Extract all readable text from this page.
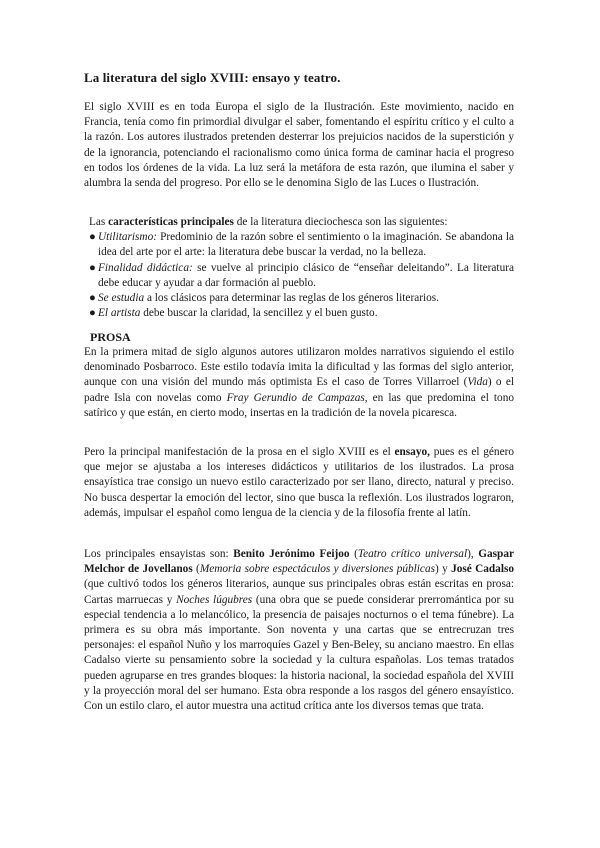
La literatura del siglo XVIII: ensayo y teatro.

El siglo XVIII es en toda Europa el siglo de la Ilustración. Este movimiento, nacido en Francia, tenía como fin primordial divulgar el saber, fomentando el espíritu crítico y el culto a la razón. Los autores ilustrados pretenden desterrar los prejuicios nacidos de la superstición y de la ignorancia, potenciando el racionalismo como única forma de caminar hacia el progreso en todos los órdenes de la vida. La luz será la metáfora de esta razón, que ilumina el saber y alumbra la senda del progreso. Por ello se le denomina Siglo de las Luces o Ilustración.

Las características principales de la literatura dieciochesca son las siguientes:

● Utilitarismo: Predominio de la razón sobre el sentimiento o la imaginación. Se abandona la idea del arte por el arte: la literatura debe buscar la verdad, no la belleza.
● Finalidad didáctica: se vuelve al principio clásico de “enseñar deleitando”. La literatura debe educar y ayudar a dar formación al pueblo.
● Se estudia a los clásicos para determinar las reglas de los géneros literarios.
● El artista debe buscar la claridad, la sencillez y el buen gusto.
PROSA

En la primera mitad de siglo algunos autores utilizaron moldes narrativos siguiendo el estilo denominado Posbarroco. Este estilo todavía imita la dificultad y las formas del siglo anterior, aunque con una visión del mundo más optimista Es el caso de Torres Villarroel (Vida) o el padre Isla con novelas como Fray Gerundio de Campazas, en las que predomina el tono satírico y que están, en cierto modo, insertas en la tradición de la novela picaresca.

Pero la principal manifestación de la prosa en el siglo XVIII es el ensayo, pues es el género que mejor se ajustaba a los intereses didácticos y utilitarios de los ilustrados. La prosa ensayística trae consigo un nuevo estilo caracterizado por ser llano, directo, natural y preciso. No busca despertar la emoción del lector, sino que busca la reflexión. Los ilustrados lograron, además, impulsar el español como lengua de la ciencia y de la filosofía frente al latín.

Los principales ensayistas son: Benito Jerónimo Feijoo (Teatro crítico universal), Gaspar Melchor de Jovellanos (Memoria sobre espectáculos y diversiones públicas) y José Cadalso (que cultivó todos los géneros literarios, aunque sus principales obras están escritas en prosa: Cartas marruecas y Noches lúgubres (una obra que se puede considerar prerromántica por su especial tendencia a lo melancólico, la presencia de paisajes nocturnos o el tema fúnebre). La primera es su obra más importante. Son noventa y una cartas que se entrecruzan tres personajes: el español Nuño y los marroquíes Gazel y Ben-Beley, su anciano maestro. En ellas Cadalso vierte su pensamiento sobre la sociedad y la cultura españolas. Los temas tratados pueden agruparse en tres grandes bloques: la historia nacional, la sociedad española del XVIII y la proyección moral del ser humano. Esta obra responde a los rasgos del género ensayístico. Con un estilo claro, el autor muestra una actitud crítica ante los diversos temas que trata.
